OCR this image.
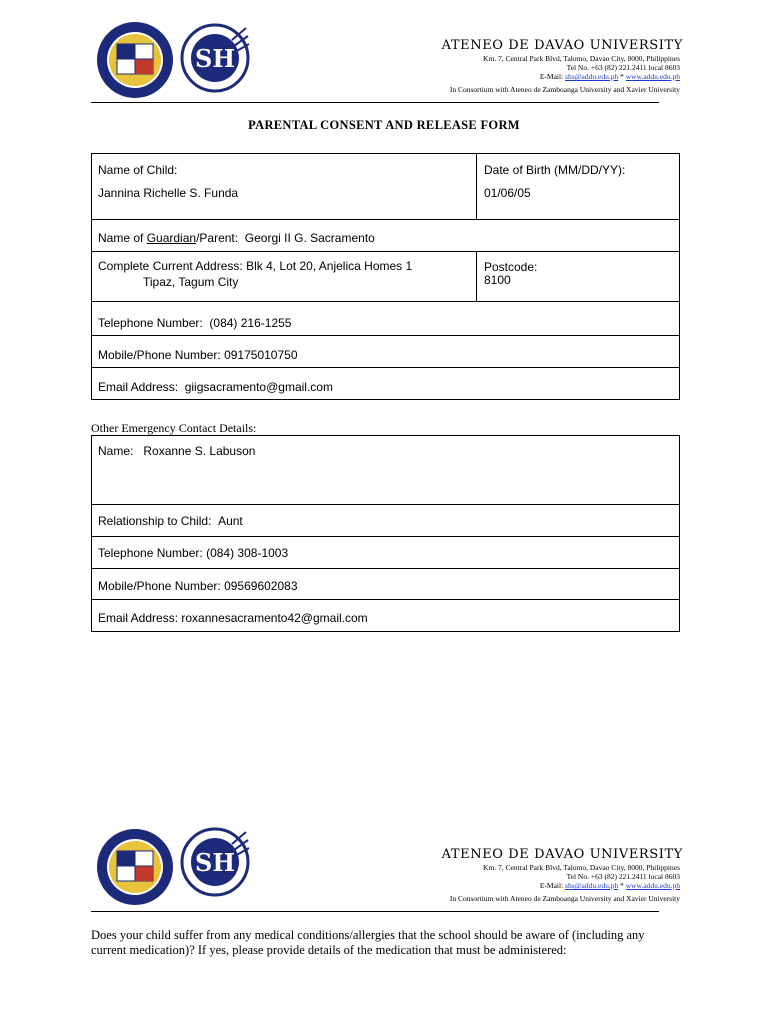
SH	ATENEO DE DAVAO UNIVERSITY
Km. 7, Central Park Blvd, Talomo, Davao City, 8000, Philippines
Tel No. +63 (82) 221.2411 local 8603
E-Mail: shs@addu.edu.ph * www.addu.edu.ph
In Consortium with Ateneo de Zamboanga University and Xavier University
PARENTAL CONSENT AND RELEASE FORM
Name of Child:
Jannina Richelle S. Funda
Date of Birth (MM/DD/YY):
01/06/05
Name of Guardian/Parent: Georgi II G. Sacramento
Complete Current Address: Blk 4, Lot 20, Anjelica Homes 1
Tipaz, Tagum City
Postcode:
8100
Telephone Number: (084) 216-1255
Mobile/Phone Number: 09175010750
Email Address: giigsacramento@gmail.com
Other Emergency Contact Details:
Name: Roxanne S. Labuson
Relationship to Child: Aunt
Telephone Number: (084) 308-1003
Mobile/Phone Number: 09569602083
Email Address: roxannesacramento42@gmail.com
SH	ATENEO DE DAVAO UNIVERSITY
Km. 7, Central Park Blvd, Talomo, Davao City, 8000, Philippines
Tel No. +63 (82) 221.2411 local 8603
E-Mail: shs@addu.edu.ph * www.addu.edu.ph
In Consortium with Ateneo de Zamboanga University and Xavier University
Does your child suffer from any medical conditions/allergies that the school should be aware of (including any current medication)? If yes, please provide details of the medication that must be administered:
